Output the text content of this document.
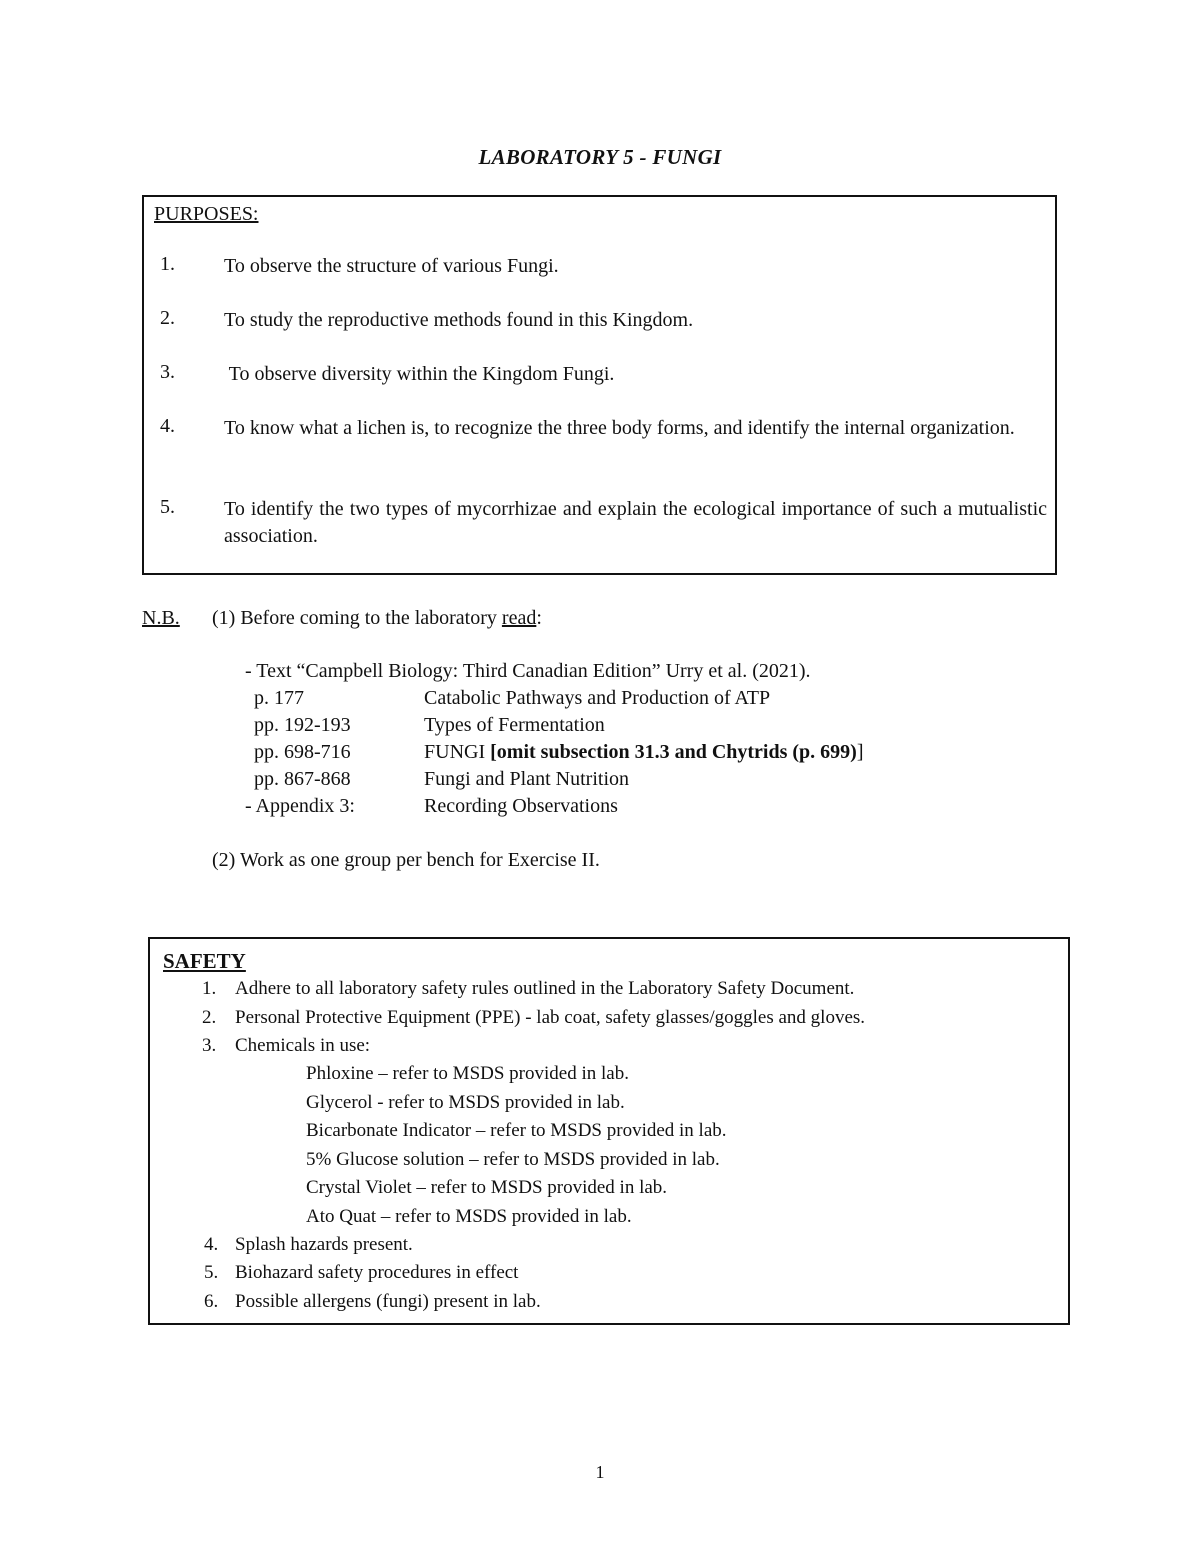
LABORATORY 5 - FUNGI
PURPOSES:
1. To observe the structure of various Fungi.
2. To study the reproductive methods found in this Kingdom.
3. To observe diversity within the Kingdom Fungi.
4. To know what a lichen is, to recognize the three body forms, and identify the internal organization.
5. To identify the two types of mycorrhizae and explain the ecological importance of such a mutualistic association.
N.B. (1) Before coming to the laboratory read:
- Text “Campbell Biology: Third Canadian Edition” Urry et al. (2021).
p. 177	Catabolic Pathways and Production of ATP
pp. 192-193	Types of Fermentation
pp. 698-716	FUNGI [omit subsection 31.3 and Chytrids (p. 699)]
pp. 867-868	Fungi and Plant Nutrition
- Appendix 3:	Recording Observations
(2) Work as one group per bench for Exercise II.
SAFETY
1. Adhere to all laboratory safety rules outlined in the Laboratory Safety Document.
2. Personal Protective Equipment (PPE) - lab coat, safety glasses/goggles and gloves.
3. Chemicals in use:
Phloxine – refer to MSDS provided in lab.
Glycerol - refer to MSDS provided in lab.
Bicarbonate Indicator – refer to MSDS provided in lab.
5% Glucose solution – refer to MSDS provided in lab.
Crystal Violet – refer to MSDS provided in lab.
Ato Quat – refer to MSDS provided in lab.
4. Splash hazards present.
5. Biohazard safety procedures in effect
6. Possible allergens (fungi) present in lab.
1
